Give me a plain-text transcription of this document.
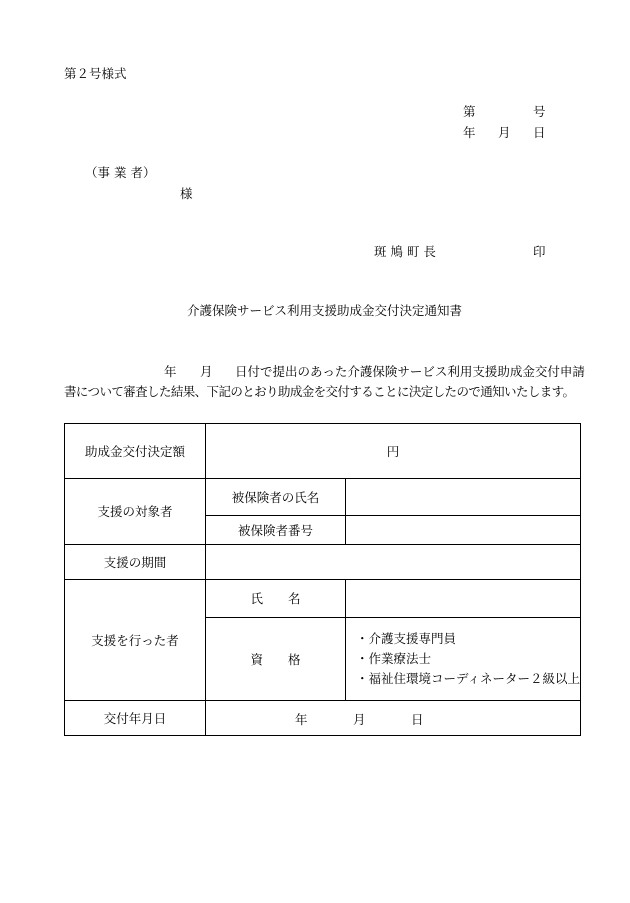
第２号様式
第	号
年 月 日
（事 業 者）
様
斑 鳩 町 長	印
介護保険サービス利用支援助成金交付決定通知書
年 月 日付で提出のあった介護保険サービス利用支援助成金交付申請
書について審査した結果、下記のとおり助成金を交付することに決定したので通知いたします。
助成金交付決定額	円	
支援の対象者	被保険者の氏名	
	被保険者番号	
支援の期間		
支援を行った者	氏　　名	
	資　　格	・介護支援専門員
・作業療法士
・福祉住環境コーディネーター２級以上

交付年月日	年 月 日	
